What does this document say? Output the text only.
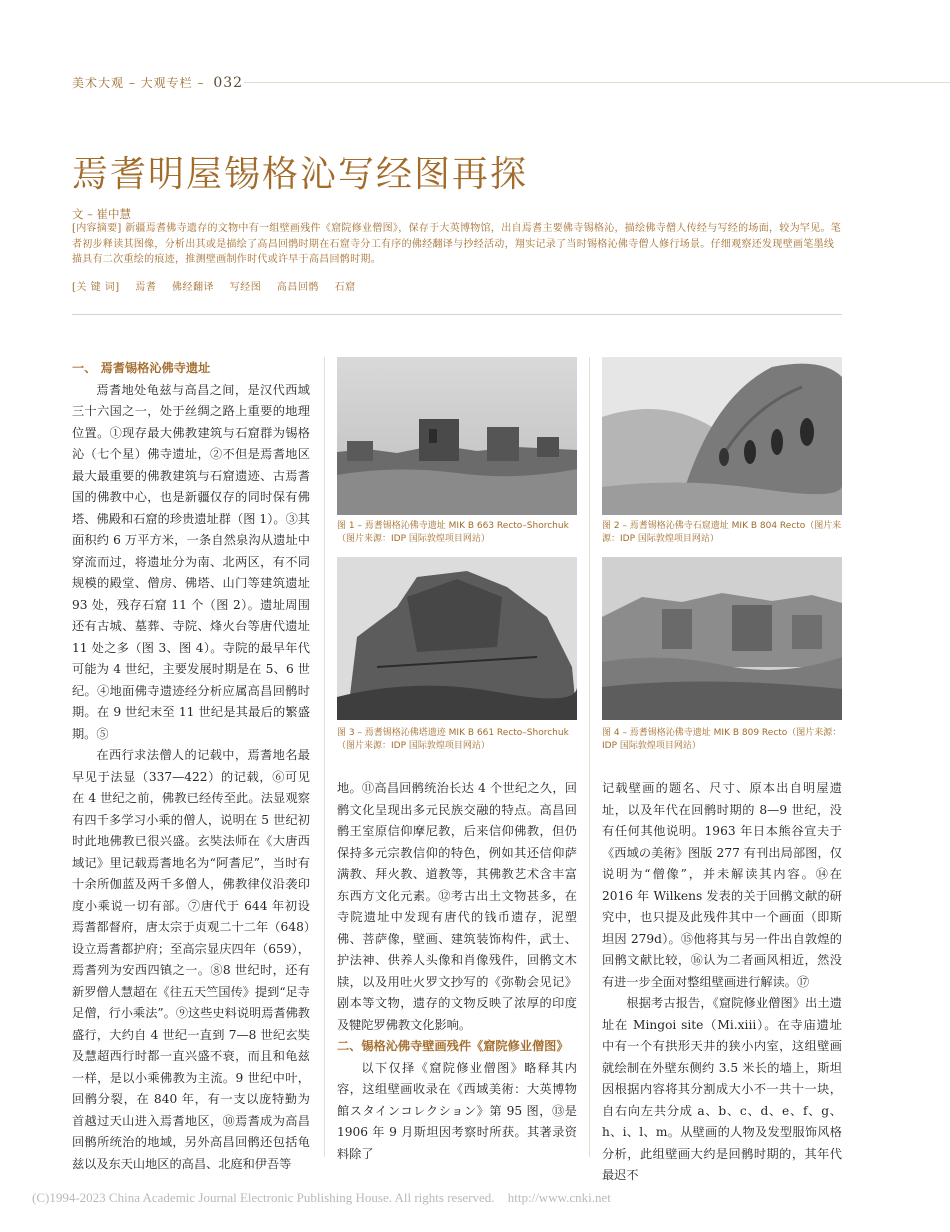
美术大观 – 大观专栏 – 032
焉耆明屋锡格沁写经图再探
文 – 崔中慧
[内容摘要] 新疆焉耆佛寺遗存的文物中有一组壁画残件《窟院修业僧图》，保存于大英博物馆，出自焉耆主要佛寺锡格沁，描绘佛寺僧人传经与写经的场面，较为罕见。笔者初步释读其图像，分析出其或是描绘了高昌回鹘时期在石窟寺分工有序的佛经翻译与抄经活动，翔实记录了当时锡格沁佛寺僧人修行场景。仔细观察还发现壁画笔墨线描具有二次重绘的痕迹，推测壁画制作时代或许早于高昌回鹘时期。
[关 键 词] 焉耆 佛经翻译 写经图 高昌回鹘 石窟
一、 焉耆锡格沁佛寺遗址

焉耆地处龟兹与高昌之间，是汉代西域三十六国之一，处于丝绸之路上重要的地理位置。①现存最大佛教建筑与石窟群为锡格沁（七个星）佛寺遗址，②不但是焉耆地区最大最重要的佛教建筑与石窟遗迹、古焉耆国的佛教中心，也是新疆仅存的同时保有佛塔、佛殿和石窟的珍贵遗址群（图 1）。③其面积约 6 万平方米，一条自然泉沟从遗址中穿流而过，将遗址分为南、北两区，有不同规模的殿堂、僧房、佛塔、山门等建筑遗址 93 处，残存石窟 11 个（图 2）。遗址周围还有古城、墓葬、寺院、烽火台等唐代遗址 11 处之多（图 3、图 4）。寺院的最早年代可能为 4 世纪，主要发展时期是在 5、6 世纪。④地面佛寺遗迹经分析应属高昌回鹘时期。在 9 世纪末至 11 世纪是其最后的繁盛期。⑤

在西行求法僧人的记载中，焉耆地名最早见于法显（337—422）的记载，⑥可见在 4 世纪之前，佛教已经传至此。法显观察有四千多学习小乘的僧人，说明在 5 世纪初时此地佛教已很兴盛。玄奘法师在《大唐西域记》里记载焉耆地名为“阿耆尼”，当时有十余所伽蓝及两千多僧人，佛教律仪沿袭印度小乘说一切有部。⑦唐代于 644 年初设焉耆都督府，唐太宗于贞观二十二年（648）设立焉耆都护府；至高宗显庆四年（659），焉耆列为安西四镇之一。⑧8 世纪时，还有新罗僧人慧超在《往五天竺国传》提到“足寺足僧，行小乘法”。⑨这些史料说明焉耆佛教盛行，大约自 4 世纪一直到 7—8 世纪玄奘及慧超西行时都一直兴盛不衰，而且和龟兹一样，是以小乘佛教为主流。9 世纪中叶，回鹘分裂，在 840 年，有一支以庞特勤为首越过天山进入焉耆地区，⑩焉耆成为高昌回鹘所统治的地域，另外高昌回鹘还包括龟兹以及东天山地区的高昌、北庭和伊吾等

图 1 – 焉耆锡格沁佛寺遗址 MIK B 663 Recto–Shorchuk（图片来源：IDP 国际敦煌项目网站）
图 2 – 焉耆锡格沁佛寺石窟遗址 MIK B 804 Recto（图片来源：IDP 国际敦煌项目网站）
图 3 – 焉耆锡格沁佛塔遗迹 MIK B 661 Recto–Shorchuk（图片来源：IDP 国际敦煌项目网站）
图 4 – 焉耆锡格沁佛寺遗址 MIK B 809 Recto（图片来源：IDP 国际敦煌项目网站）

地。⑪高昌回鹘统治长达 4 个世纪之久，回鹘文化呈现出多元民族交融的特点。高昌回鹘王室原信仰摩尼教，后来信仰佛教，但仍保持多元宗教信仰的特色，例如其还信仰萨满教、拜火教、道教等，其佛教艺术含丰富东西方文化元素。⑫考古出土文物甚多，在寺院遗址中发现有唐代的钱币遗存，泥塑佛、菩萨像，壁画、建筑装饰构件，武士、护法神、供养人头像和肖像残件，回鹘文木牍，以及用吐火罗文抄写的《弥勒会见记》剧本等文物，遗存的文物反映了浓厚的印度及犍陀罗佛教文化影响。

二、锡格沁佛寺壁画残件《窟院修业僧图》

以下仅择《窟院修业僧图》略释其内容，这组壁画收录在《西域美術：大英博物館スタインコレクション》第 95 图，⑬是 1906 年 9 月斯坦因考察时所获。其著录资料除了

记载壁画的题名、尺寸、原本出自明屋遗址，以及年代在回鹘时期的 8—9 世纪，没有任何其他说明。1963 年日本熊谷宣夫于《西域の美術》图版 277 有刊出局部图，仅说明为“僧像”，并未解读其内容。⑭在 2016 年 Wilkens 发表的关于回鹘文献的研究中，也只提及此残件其中一个画面（即斯坦因 279d）。⑮他将其与另一件出自敦煌的回鹘文献比较，⑯认为二者画风相近，然没有进一步全面对整组壁画进行解读。⑰

根据考古报告，《窟院修业僧图》出土遗址在 Mingoi site（Mi.xiii）。在寺庙遗址中有一个有拱形天井的狭小内室，这组壁画就绘制在外壁东侧约 3.5 米长的墙上，斯坦因根据内容将其分割成大小不一共十一块，自右向左共分成 a、b、c、d、e、f、g、h、i、l、m。从壁画的人物及发型服饰风格分析，此组壁画大约是回鹘时期的，其年代最迟不

(C)1994-2023 China Academic Journal Electronic Publishing House. All rights reserved. http://www.cnki.net
